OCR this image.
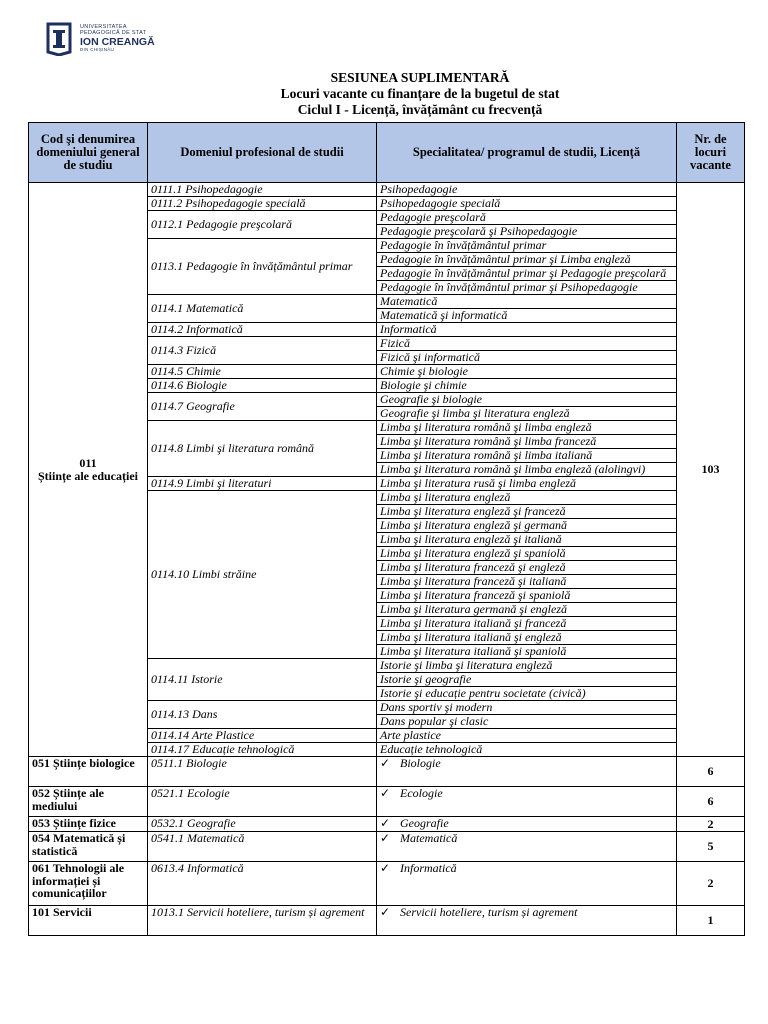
UNIVERSITATEA
PEDAGOGICĂ DE STAT
ION CREANGĂ
DIN CHIȘINĂU
SESIUNEA SUPLIMENTARĂ
Locuri vacante cu finanțare de la bugetul de stat
Ciclul I - Licență, învățământ cu frecvență
Cod şi denumirea domeniului general de studiu	Domeniul profesional de studii	Specialitatea/ programul de studii, Licență	Nr. de locuri vacante

011
Științe ale educației	0111.1 Psihopedagogie	Psihopedagogie	103
	0111.2 Psihopedagogie specială	Psihopedagogie specială	
	0112.1 Pedagogie preşcolară	Pedagogie preşcolară	
		Pedagogie preşcolară şi Psihopedagogie	
	0113.1 Pedagogie în învățământul primar	Pedagogie în învățământul primar	
		Pedagogie în învățământul primar şi Limba engleză	
		Pedagogie în învățământul primar şi Pedagogie preşcolară	
		Pedagogie în învățământul primar şi Psihopedagogie	
	0114.1 Matematică	Matematică	
		Matematică şi informatică	
	0114.2 Informatică	Informatică	
	0114.3 Fizică	Fizică	
		Fizică şi informatică	
	0114.5 Chimie	Chimie şi biologie	
	0114.6 Biologie	Biologie şi chimie	
	0114.7 Geografie	Geografie şi biologie	
		Geografie şi limba şi literatura engleză	
	0114.8 Limbi şi literatura română	Limba şi literatura română şi limba engleză	
		Limba şi literatura română şi limba franceză	
		Limba şi literatura română şi limba italiană	
		Limba şi literatura română şi limba engleză (alolingvi)	
	0114.9 Limbi şi literaturi	Limba şi literatura rusă şi limba engleză	
	0114.10 Limbi străine	Limba şi literatura engleză	
		Limba şi literatura engleză şi franceză	
		Limba şi literatura engleză şi germană	
		Limba şi literatura engleză şi italiană	
		Limba şi literatura engleză şi spaniolă	
		Limba şi literatura franceză şi engleză	
		Limba şi literatura franceză şi italiană	
		Limba şi literatura franceză şi spaniolă	
		Limba şi literatura germană şi engleză	
		Limba şi literatura italiană şi franceză	
		Limba şi literatura italiană şi engleză	
		Limba şi literatura italiană şi spaniolă	
	0114.11 Istorie	Istorie şi limba şi literatura engleză	
		Istorie şi geografie	
		Istorie şi educație pentru societate (civică)	
	0114.13 Dans	Dans sportiv şi modern	
		Dans popular şi clasic	
	0114.14 Arte Plastice	Arte plastice	
	0114.17 Educație tehnologică	Educație tehnologică	
051 Științe biologice	0511.1 Biologie	✓ Biologie	6
052 Științe ale mediului	0521.1 Ecologie	✓ Ecologie	6
053 Științe fizice	0532.1 Geografie	✓ Geografie	2
054 Matematică și statistică	0541.1 Matematică	✓ Matematică	5
061 Tehnologii ale informației și comunicațiilor	0613.4 Informatică	✓ Informatică	2
101 Servicii	1013.1 Servicii hoteliere, turism și agrement	✓ Servicii hoteliere, turism și agrement	1
